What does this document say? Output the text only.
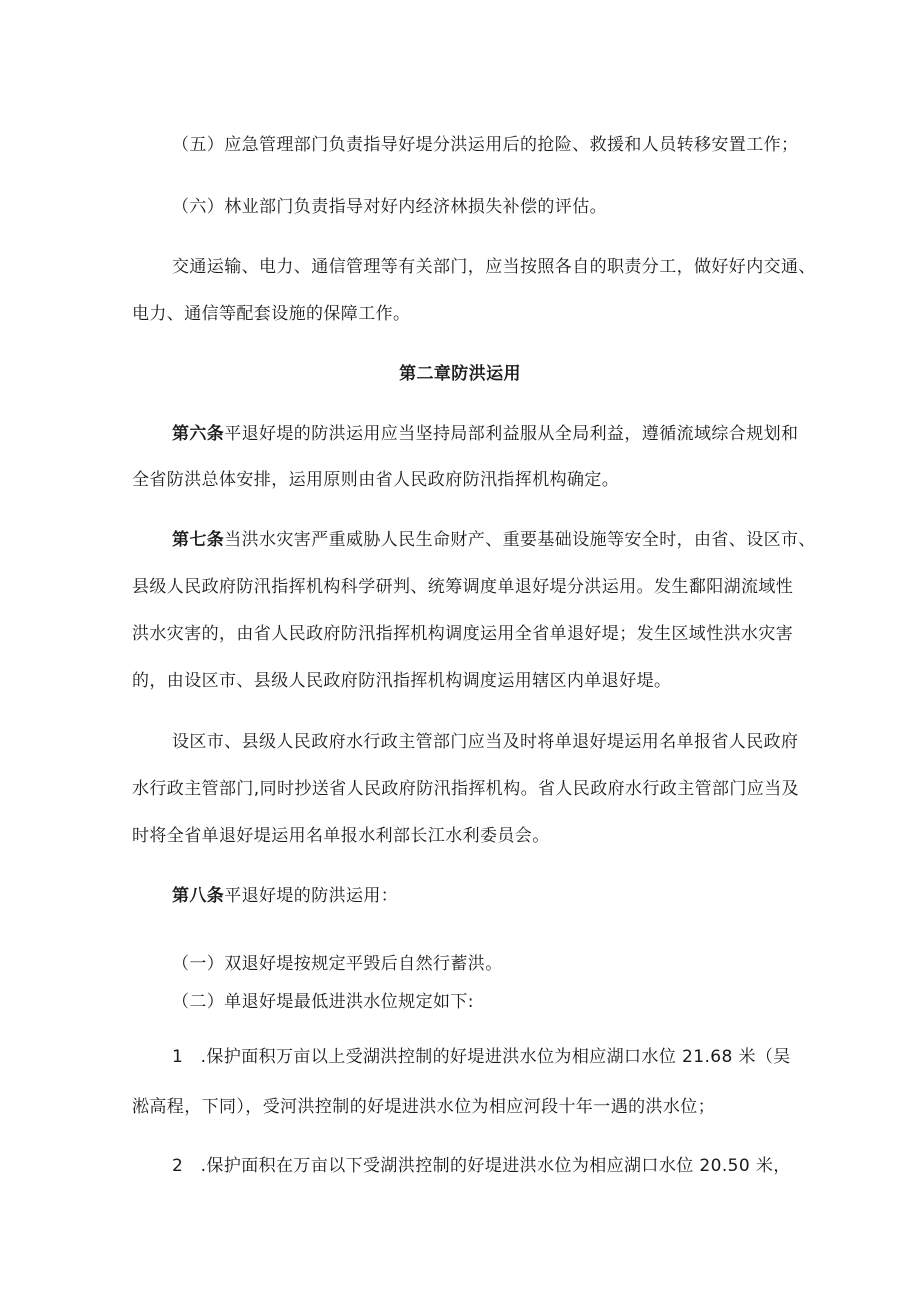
（五）应急管理部门负责指导好堤分洪运用后的抢险、救援和人员转移安置工作；
（六）林业部门负责指导对好内经济林损失补偿的评估。
交通运输、电力、通信管理等有关部门，应当按照各自的职责分工，做好好内交通、
电力、通信等配套设施的保障工作。
第二章防洪运用
第六条平退好堤的防洪运用应当坚持局部利益服从全局利益，遵循流域综合规划和
全省防洪总体安排，运用原则由省人民政府防汛指挥机构确定。
第七条当洪水灾害严重威胁人民生命财产、重要基础设施等安全时，由省、设区市、
县级人民政府防汛指挥机构科学研判、统筹调度单退好堤分洪运用。发生鄱阳湖流域性
洪水灾害的，由省人民政府防汛指挥机构调度运用全省单退好堤；发生区域性洪水灾害
的，由设区市、县级人民政府防汛指挥机构调度运用辖区内单退好堤。
设区市、县级人民政府水行政主管部门应当及时将单退好堤运用名单报省人民政府
水行政主管部门,同时抄送省人民政府防汛指挥机构。省人民政府水行政主管部门应当及
时将全省单退好堤运用名单报水利部长江水利委员会。
第八条平退好堤的防洪运用：
（一）双退好堤按规定平毁后自然行蓄洪。
（二）单退好堤最低进洪水位规定如下:
1　.保护面积万亩以上受湖洪控制的好堤进洪水位为相应湖口水位 21.68 米（吴
淞高程，下同），受河洪控制的好堤进洪水位为相应河段十年一遇的洪水位；
2　.保护面积在万亩以下受湖洪控制的好堤进洪水位为相应湖口水位 20.50 米，
